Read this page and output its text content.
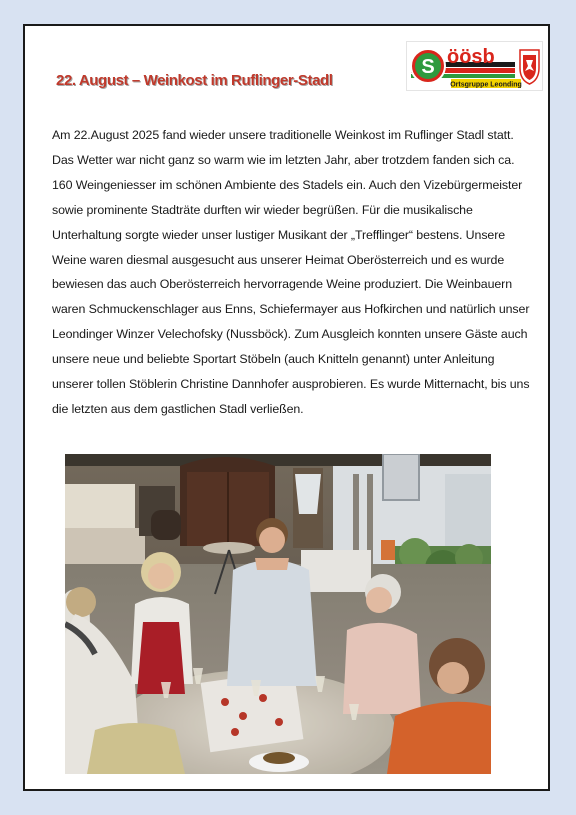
S öösb
Ortsgruppe Leonding
22. August – Weinkost im Ruflinger-Stadl

Am 22.August 2025 fand wieder unsere traditionelle Weinkost im Ruflinger Stadl statt. Das Wetter war nicht ganz so warm wie im letzten Jahr, aber trotzdem fanden sich ca. 160 Weingeniesser im schönen Ambiente des Stadels ein. Auch den Vizebürgermeister sowie prominente Stadträte durften wir wieder begrüßen. Für die musikalische Unterhaltung sorgte wieder unser lustiger Musikant der „Trefflinger“ bestens. Unsere Weine waren diesmal ausgesucht aus unserer Heimat Oberösterreich und es wurde bewiesen das auch Oberösterreich hervorragende Weine produziert. Die Weinbauern waren Schmuckenschlager aus Enns, Schiefermayer aus Hofkirchen und natürlich unser Leondinger Winzer Velechofsky (Nussböck). Zum Ausgleich konnten unsere Gäste auch unsere neue und beliebte Sportart Stöbeln (auch Knitteln genannt) unter Anleitung unserer tollen Stöblerin Christine Dannhofer ausprobieren. Es wurde Mitternacht, bis uns die letzten aus dem gastlichen Stadl verließen.
